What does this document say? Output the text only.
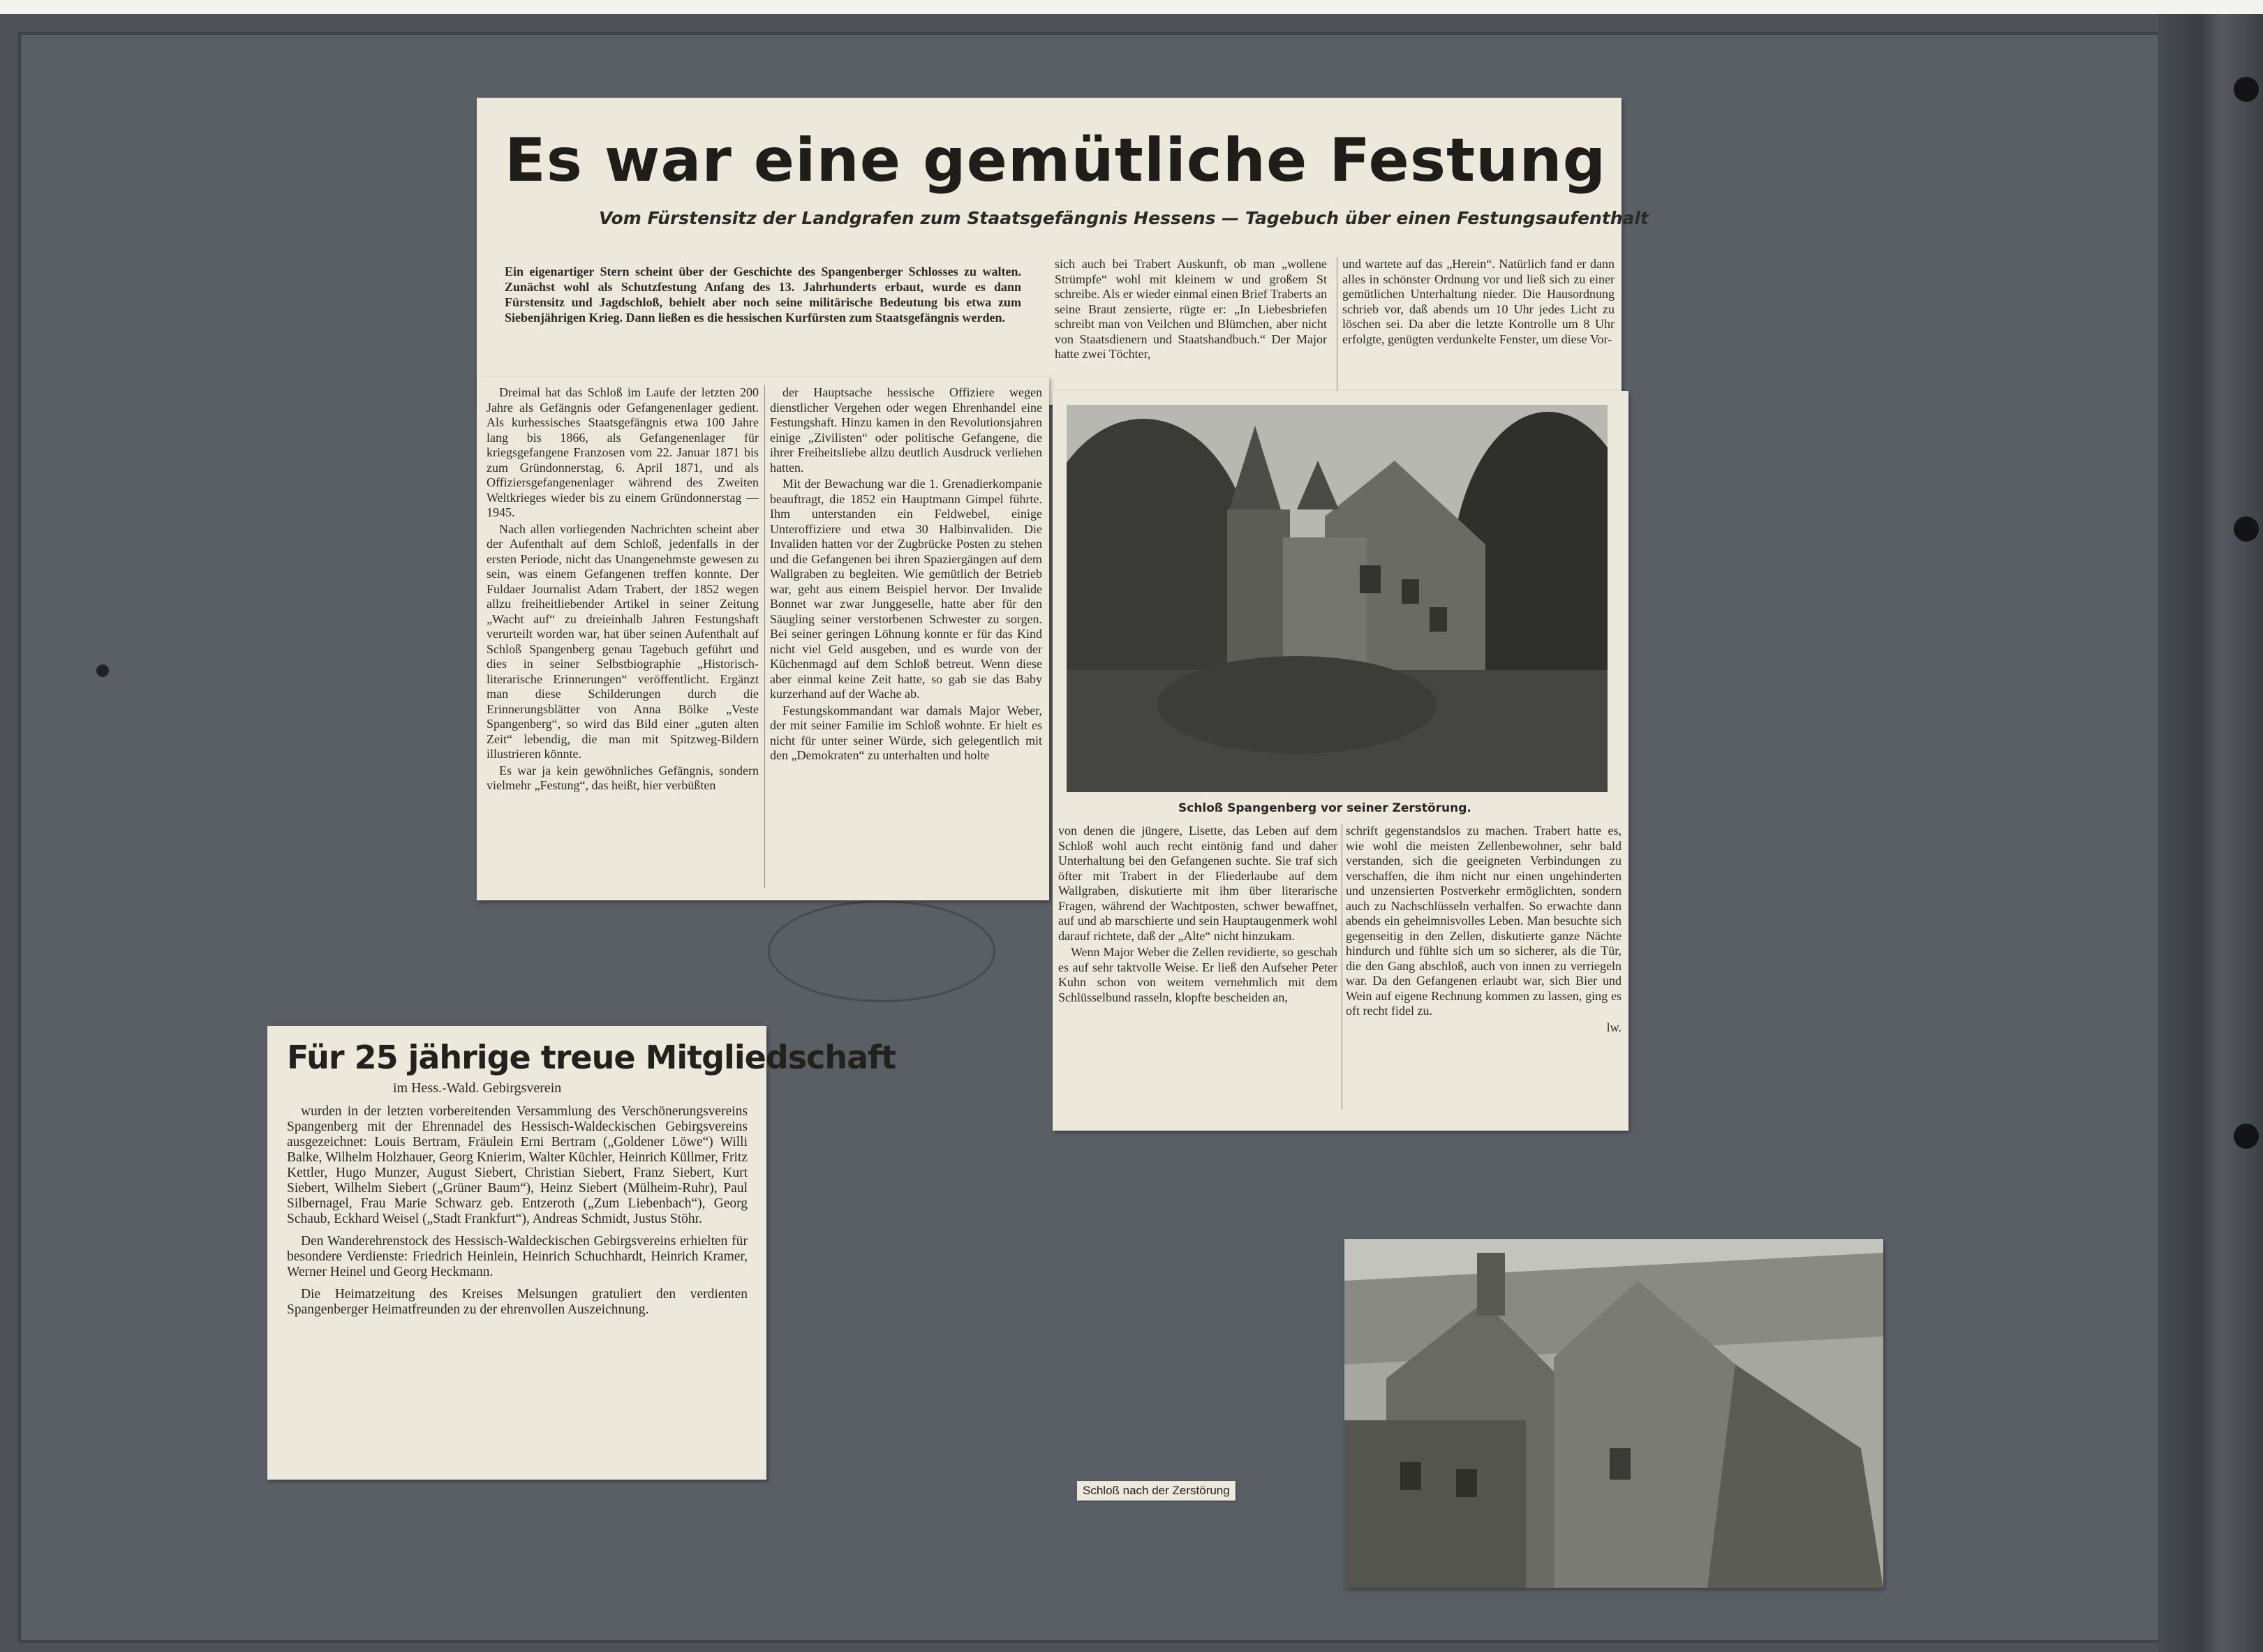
Es war eine gemütliche Festung
Vom Fürstensitz der Landgrafen zum Staatsgefängnis Hessens — Tagebuch über einen Festungsaufenthalt
Ein eigenartiger Stern scheint über der Geschichte des Spangenberger Schlosses zu walten. Zunächst wohl als Schutzfestung Anfang des 13. Jahrhunderts erbaut, wurde es dann Fürstensitz und Jagdschloß, behielt aber noch seine militärische Bedeutung bis etwa zum Siebenjährigen Krieg. Dann ließen es die hessischen Kurfürsten zum Staatsgefängnis werden.
sich auch bei Trabert Auskunft, ob man „wollene Strümpfe“ wohl mit kleinem w und großem St schreibe. Als er wieder einmal einen Brief Traberts an seine Braut zensierte, rügte er: „In Liebesbriefen schreibt man von Veilchen und Blümchen, aber nicht von Staatsdienern und Staatshandbuch.“ Der Major hatte zwei Töchter,
und wartete auf das „Herein“. Natürlich fand er dann alles in schönster Ordnung vor und ließ sich zu einer gemütlichen Unterhaltung nieder. Die Hausordnung schrieb vor, daß abends um 10 Uhr jedes Licht zu löschen sei. Da aber die letzte Kontrolle um 8 Uhr erfolgte, genügten verdunkelte Fenster, um diese Vor-

Dreimal hat das Schloß im Laufe der letzten 200 Jahre als Gefängnis oder Gefangenenlager gedient. Als kurhessisches Staatsgefängnis etwa 100 Jahre lang bis 1866, als Gefangenenlager für kriegsgefangene Franzosen vom 22. Januar 1871 bis zum Gründonnerstag, 6. April 1871, und als Offiziersgefangenenlager während des Zweiten Weltkrieges wieder bis zu einem Gründonnerstag — 1945.

Nach allen vorliegenden Nachrichten scheint aber der Aufenthalt auf dem Schloß, jedenfalls in der ersten Periode, nicht das Unangenehmste gewesen zu sein, was einem Gefangenen treffen konnte. Der Fuldaer Journalist Adam Trabert, der 1852 wegen allzu freiheitliebender Artikel in seiner Zeitung „Wacht auf“ zu dreieinhalb Jahren Festungshaft verurteilt worden war, hat über seinen Aufenthalt auf Schloß Spangenberg genau Tagebuch geführt und dies in seiner Selbstbiographie „Historisch-literarische Erinnerungen“ veröffentlicht. Ergänzt man diese Schilderungen durch die Erinnerungsblätter von Anna Bölke „Veste Spangenberg“, so wird das Bild einer „guten alten Zeit“ lebendig, die man mit Spitzweg-Bildern illustrieren könnte.

Es war ja kein gewöhnliches Gefängnis, sondern vielmehr „Festung“, das heißt, hier verbüßten

der Hauptsache hessische Offiziere wegen dienstlicher Vergehen oder wegen Ehrenhandel eine Festungshaft. Hinzu kamen in den Revolutionsjahren einige „Zivilisten“ oder politische Gefangene, die ihrer Freiheitsliebe allzu deutlich Ausdruck verliehen hatten.

Mit der Bewachung war die 1. Grenadierkompanie beauftragt, die 1852 ein Hauptmann Gimpel führte. Ihm unterstanden ein Feldwebel, einige Unteroffiziere und etwa 30 Halbinvaliden. Die Invaliden hatten vor der Zugbrücke Posten zu stehen und die Gefangenen bei ihren Spaziergängen auf dem Wallgraben zu begleiten. Wie gemütlich der Betrieb war, geht aus einem Beispiel hervor. Der Invalide Bonnet war zwar Junggeselle, hatte aber für den Säugling seiner verstorbenen Schwester zu sorgen. Bei seiner geringen Löhnung konnte er für das Kind nicht viel Geld ausgeben, und es wurde von der Küchenmagd auf dem Schloß betreut. Wenn diese aber einmal keine Zeit hatte, so gab sie das Baby kurzerhand auf der Wache ab.

Festungskommandant war damals Major Weber, der mit seiner Familie im Schloß wohnte. Er hielt es nicht für unter seiner Würde, sich gelegentlich mit den „Demokraten“ zu unterhalten und holte

Schloß Spangenberg vor seiner Zerstörung.

von denen die jüngere, Lisette, das Leben auf dem Schloß wohl auch recht eintönig fand und daher Unterhaltung bei den Gefangenen suchte. Sie traf sich öfter mit Trabert in der Fliederlaube auf dem Wallgraben, diskutierte mit ihm über literarische Fragen, während der Wachtposten, schwer bewaffnet, auf und ab marschierte und sein Hauptaugenmerk wohl darauf richtete, daß der „Alte“ nicht hinzukam.

Wenn Major Weber die Zellen revidierte, so geschah es auf sehr taktvolle Weise. Er ließ den Aufseher Peter Kuhn schon von weitem vernehmlich mit dem Schlüsselbund rasseln, klopfte bescheiden an,

schrift gegenstandslos zu machen. Trabert hatte es, wie wohl die meisten Zellenbewohner, sehr bald verstanden, sich die geeigneten Verbindungen zu verschaffen, die ihm nicht nur einen ungehinderten und unzensierten Postverkehr ermöglichten, sondern auch zu Nachschlüsseln verhalfen. So erwachte dann abends ein geheimnisvolles Leben. Man besuchte sich gegenseitig in den Zellen, diskutierte ganze Nächte hindurch und fühlte sich um so sicherer, als die Tür, die den Gang abschloß, auch von innen zu verriegeln war. Da den Gefangenen erlaubt war, sich Bier und Wein auf eigene Rechnung kommen zu lassen, ging es oft recht fidel zu.

lw.

Für 25 jährige treue Mitgliedschaft
im Hess.-Wald. Gebirgsverein

wurden in der letzten vorbereitenden Versammlung des Verschönerungsvereins Spangenberg mit der Ehrennadel des Hessisch-Waldeckischen Gebirgsvereins ausgezeichnet: Louis Bertram, Fräulein Erni Bertram („Goldener Löwe“) Willi Balke, Wilhelm Holzhauer, Georg Knierim, Walter Küchler, Heinrich Küllmer, Fritz Kettler, Hugo Munzer, August Siebert, Christian Siebert, Franz Siebert, Kurt Siebert, Wilhelm Siebert („Grüner Baum“), Heinz Siebert (Mülheim-Ruhr), Paul Silbernagel, Frau Marie Schwarz geb. Entzeroth („Zum Liebenbach“), Georg Schaub, Eckhard Weisel („Stadt Frankfurt“), Andreas Schmidt, Justus Stöhr.

Den Wanderehrenstock des Hessisch-Waldeckischen Gebirgsvereins erhielten für besondere Verdienste: Friedrich Heinlein, Heinrich Schuchhardt, Heinrich Kramer, Werner Heinel und Georg Heckmann.

Die Heimatzeitung des Kreises Melsungen gratuliert den verdienten Spangenberger Heimatfreunden zu der ehrenvollen Auszeichnung.

Schloß nach der Zerstörung
